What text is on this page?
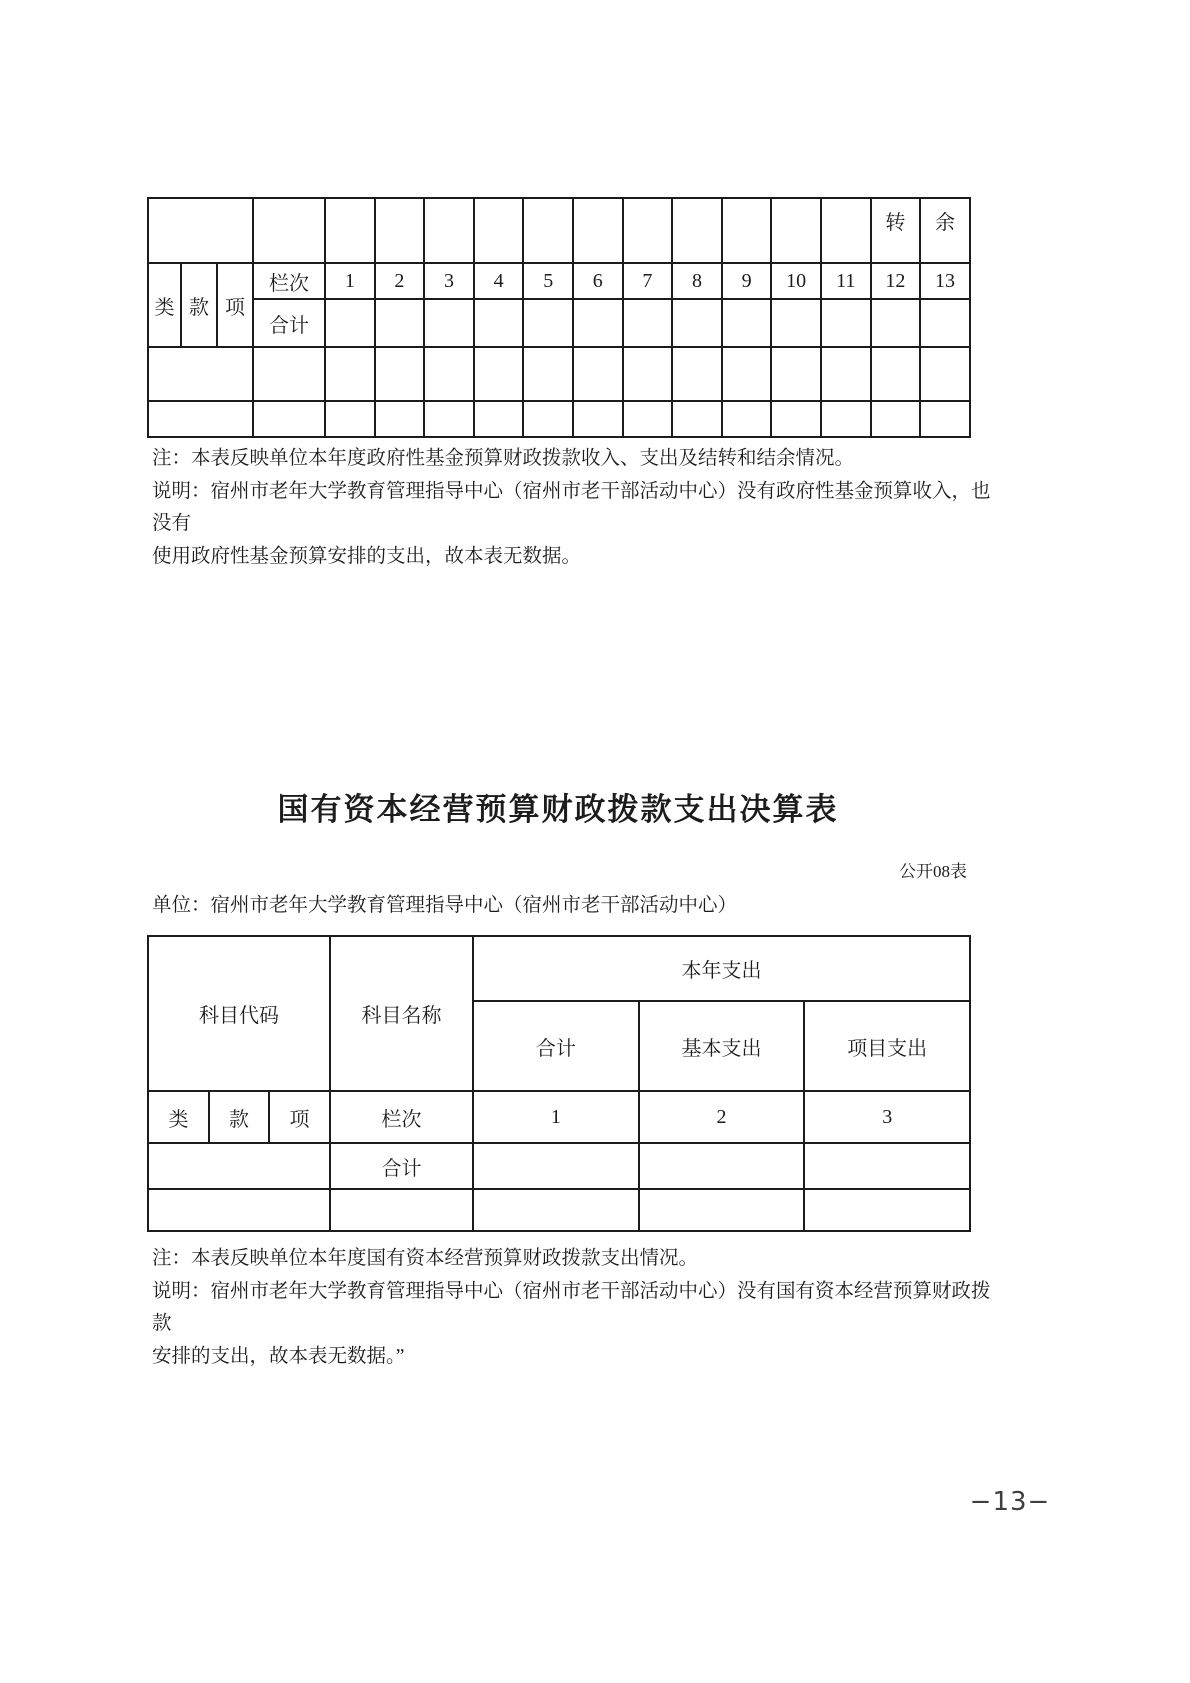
															转	余
类	款	项	栏次	1	2	3	4	5	6	7	8	9	10	11	12	13
			合计													

注：本表反映单位本年度政府性基金预算财政拨款收入、支出及结转和结余情况。
说明：宿州市老年大学教育管理指导中心（宿州市老干部活动中心）没有政府性基金预算收入，也没有
使用政府性基金预算安排的支出，故本表无数据。
国有资本经营预算财政拨款支出决算表
公开08表
单位：宿州市老年大学教育管理指导中心（宿州市老干部活动中心）
科目代码			科目名称	本年支出		
				合计	基本支出	项目支出
类	款	项	栏次	1	2	3
			合计			

注：本表反映单位本年度国有资本经营预算财政拨款支出情况。
说明：宿州市老年大学教育管理指导中心（宿州市老干部活动中心）没有国有资本经营预算财政拨款
安排的支出，故本表无数据。”
−13−
